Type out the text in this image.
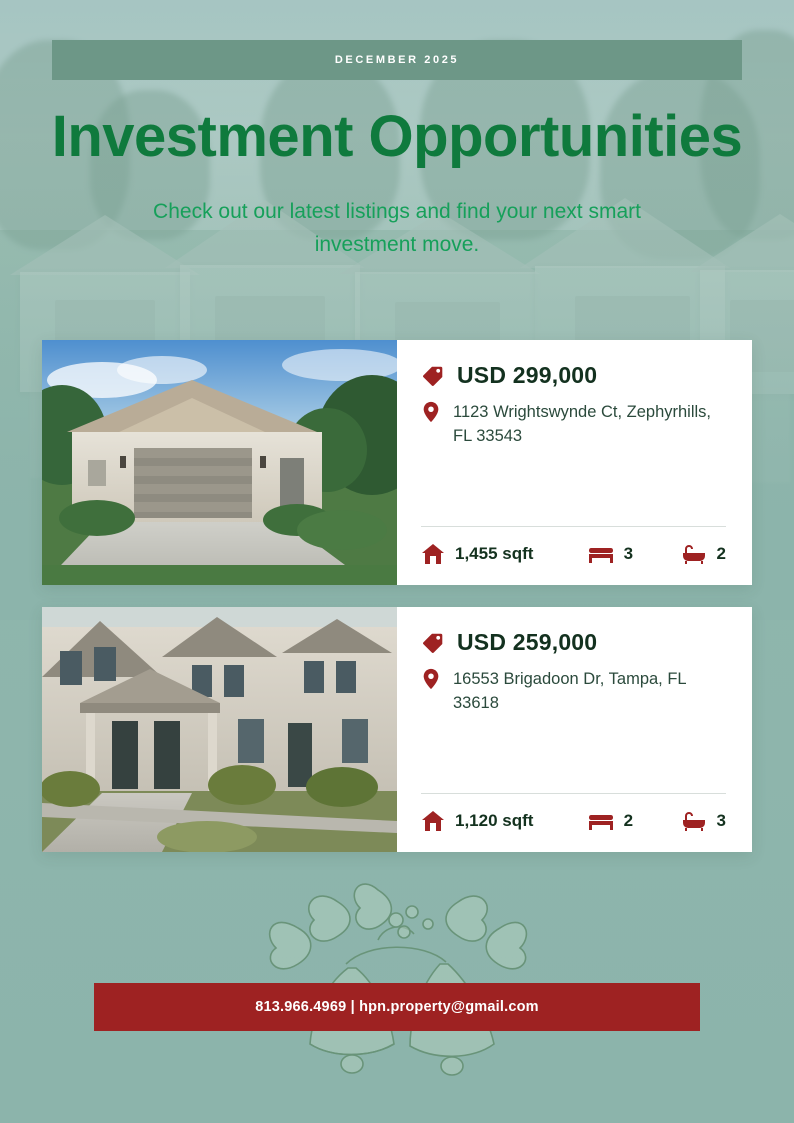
DECEMBER 2025
Investment Opportunities
Check out our latest listings and find your next smart investment move.
USD 299,000
1123 Wrightswynde Ct, Zephyrhills, FL 33543
1,455 sqft	3	2
USD 259,000
16553 Brigadoon Dr, Tampa, FL 33618
1,120 sqft	2	3
813.966.4969 | hpn.property@gmail.com
